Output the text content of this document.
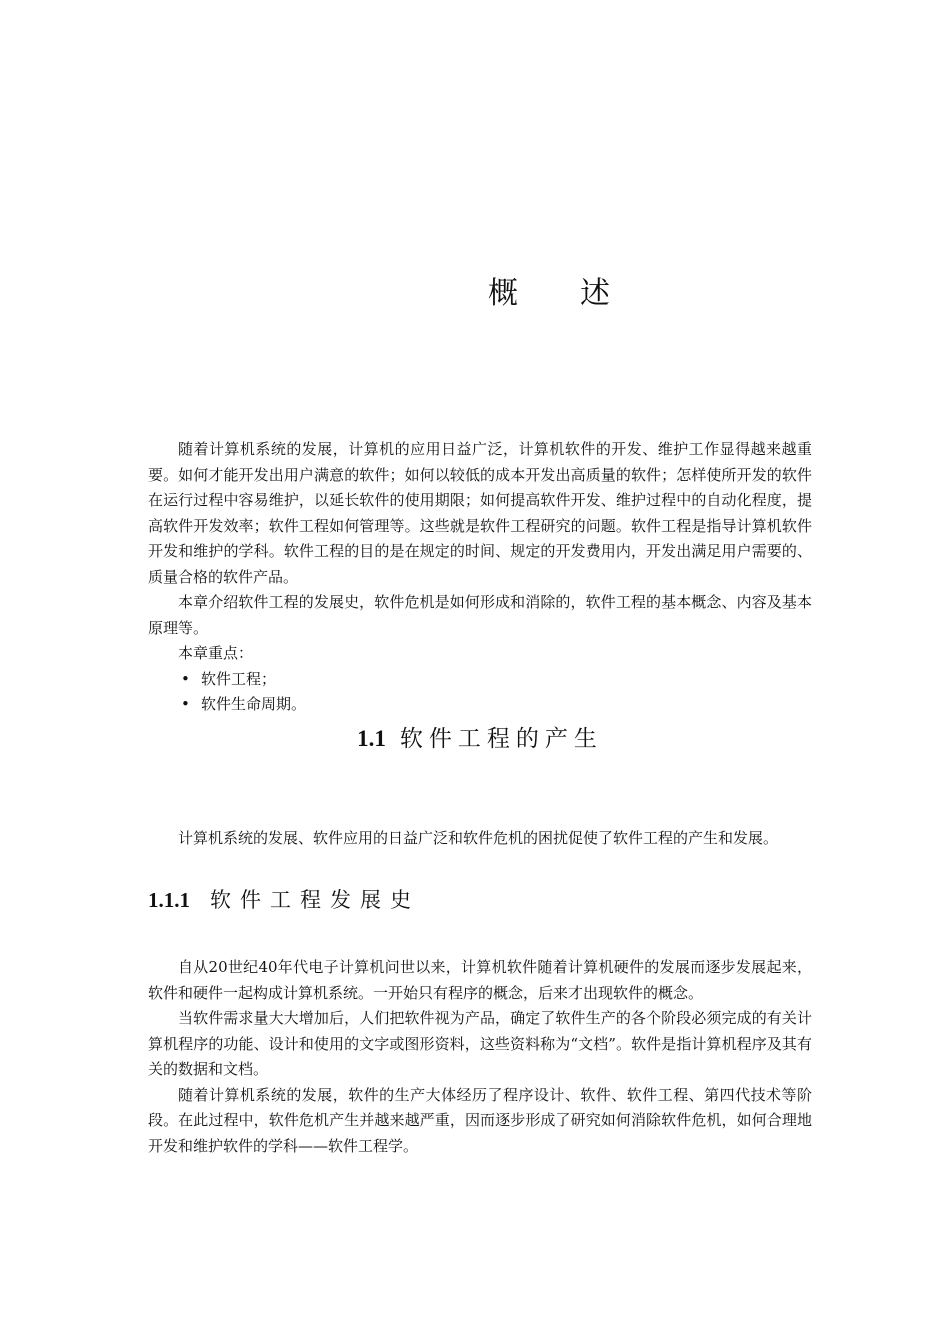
概 述

随着计算机系统的发展，计算机的应用日益广泛，计算机软件的开发、维护工作显得越来越重要。如何才能开发出用户满意的软件；如何以较低的成本开发出高质量的软件；怎样使所开发的软件在运行过程中容易维护，以延长软件的使用期限；如何提高软件开发、维护过程中的自动化程度，提高软件开发效率；软件工程如何管理等。这些就是软件工程研究的问题。软件工程是指导计算机软件开发和维护的学科。软件工程的目的是在规定的时间、规定的开发费用内，开发出满足用户需要的、质量合格的软件产品。

本章介绍软件工程的发展史，软件危机是如何形成和消除的，软件工程的基本概念、内容及基本原理等。

本章重点：

• 软件工程；
• 软件生命周期。
1.1 软件工程的产生

计算机系统的发展、软件应用的日益广泛和软件危机的困扰促使了软件工程的产生和发展。

1.1.1 软件工程发展史

自从20世纪40年代电子计算机问世以来，计算机软件随着计算机硬件的发展而逐步发展起来，软件和硬件一起构成计算机系统。一开始只有程序的概念，后来才出现软件的概念。

当软件需求量大大增加后，人们把软件视为产品，确定了软件生产的各个阶段必须完成的有关计算机程序的功能、设计和使用的文字或图形资料，这些资料称为“文档”。软件是指计算机程序及其有关的数据和文档。

随着计算机系统的发展，软件的生产大体经历了程序设计、软件、软件工程、第四代技术等阶段。在此过程中，软件危机产生并越来越严重，因而逐步形成了研究如何消除软件危机，如何合理地开发和维护软件的学科——软件工程学。
